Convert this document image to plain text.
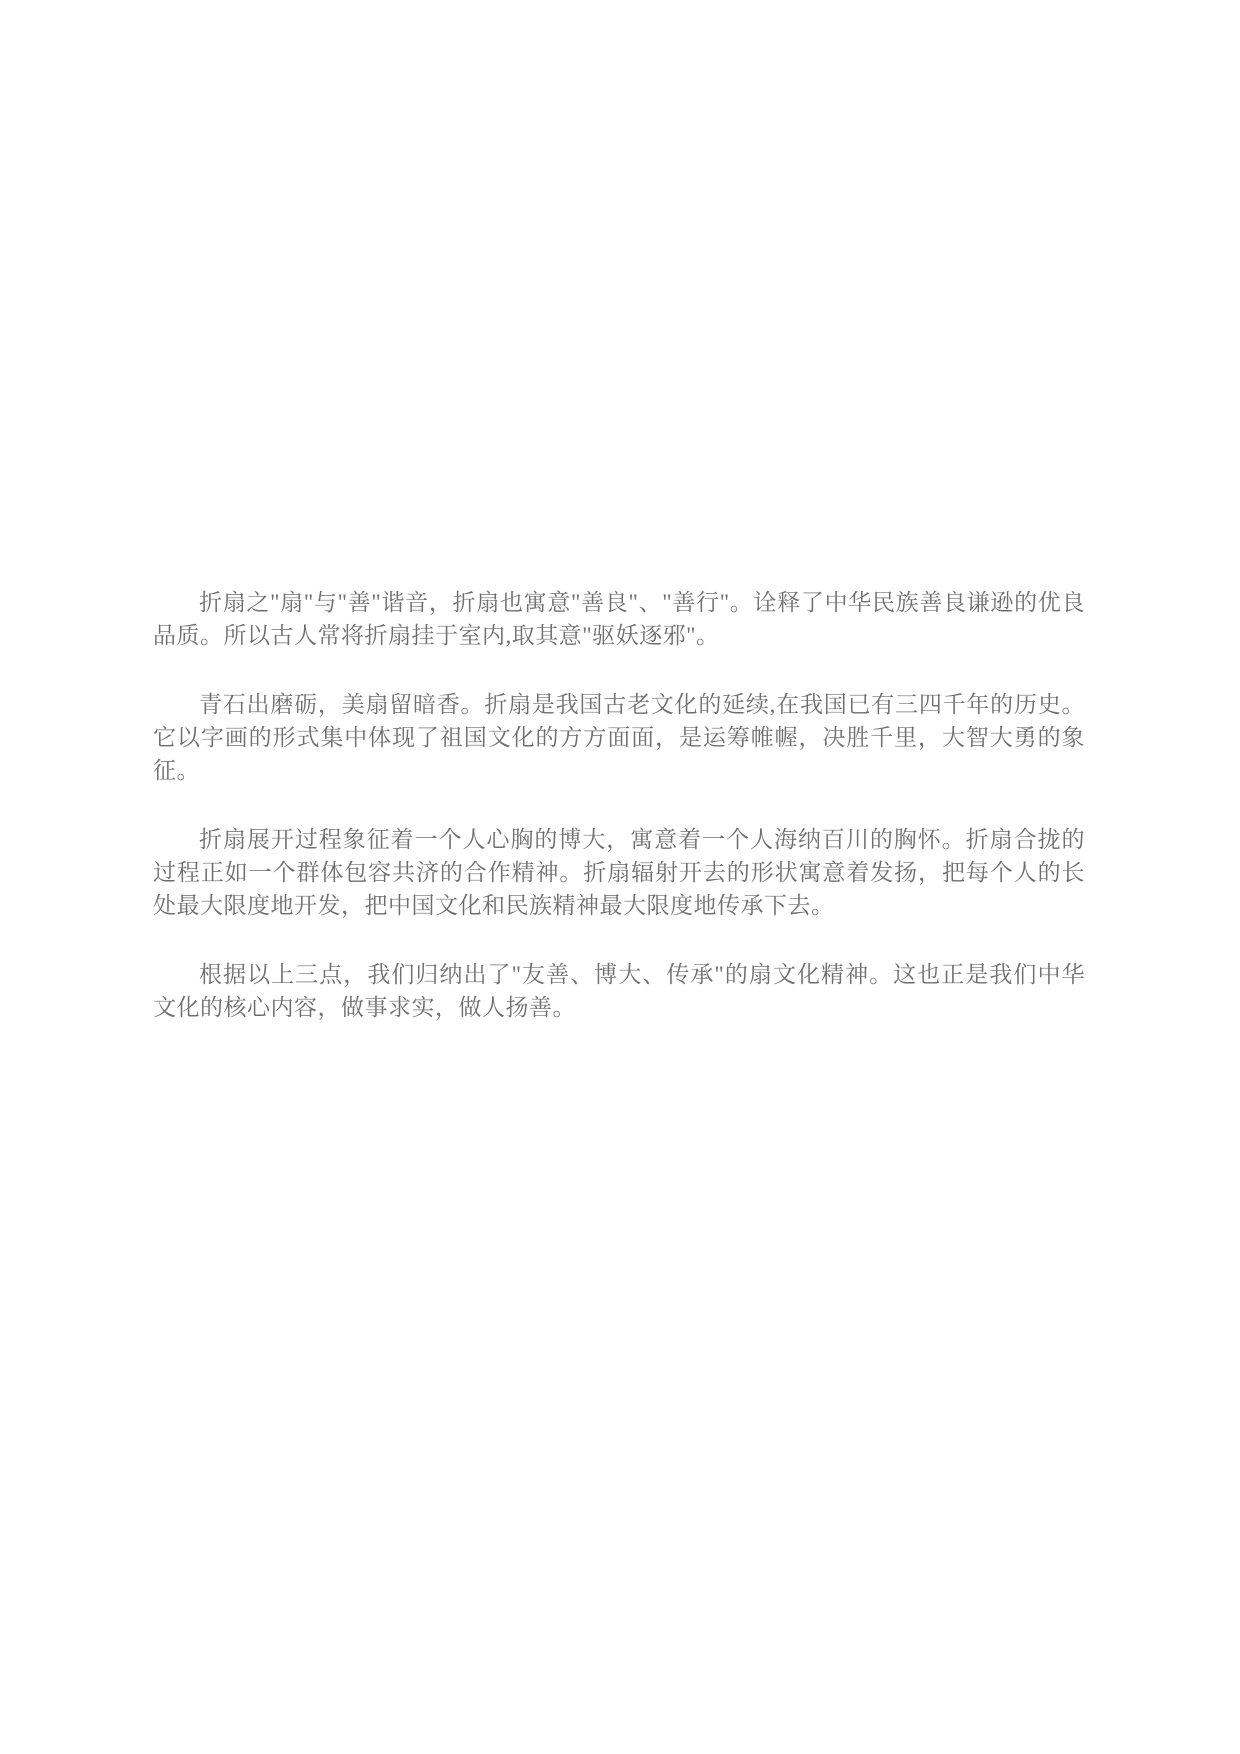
折扇之"扇"与"善"谐音，折扇也寓意"善良"、"善行"。诠释了中华民族善良谦逊的优良品质。所以古人常将折扇挂于室内,取其意"驱妖逐邪"。

青石出磨砺，美扇留暗香。折扇是我国古老文化的延续,在我国已有三四千年的历史。它以字画的形式集中体现了祖国文化的方方面面，是运筹帷幄，决胜千里，大智大勇的象征。

折扇展开过程象征着一个人心胸的博大，寓意着一个人海纳百川的胸怀。折扇合拢的过程正如一个群体包容共济的合作精神。折扇辐射开去的形状寓意着发扬，把每个人的长处最大限度地开发，把中国文化和民族精神最大限度地传承下去。

根据以上三点，我们归纳出了"友善、博大、传承"的扇文化精神。这也正是我们中华文化的核心内容，做事求实，做人扬善。
